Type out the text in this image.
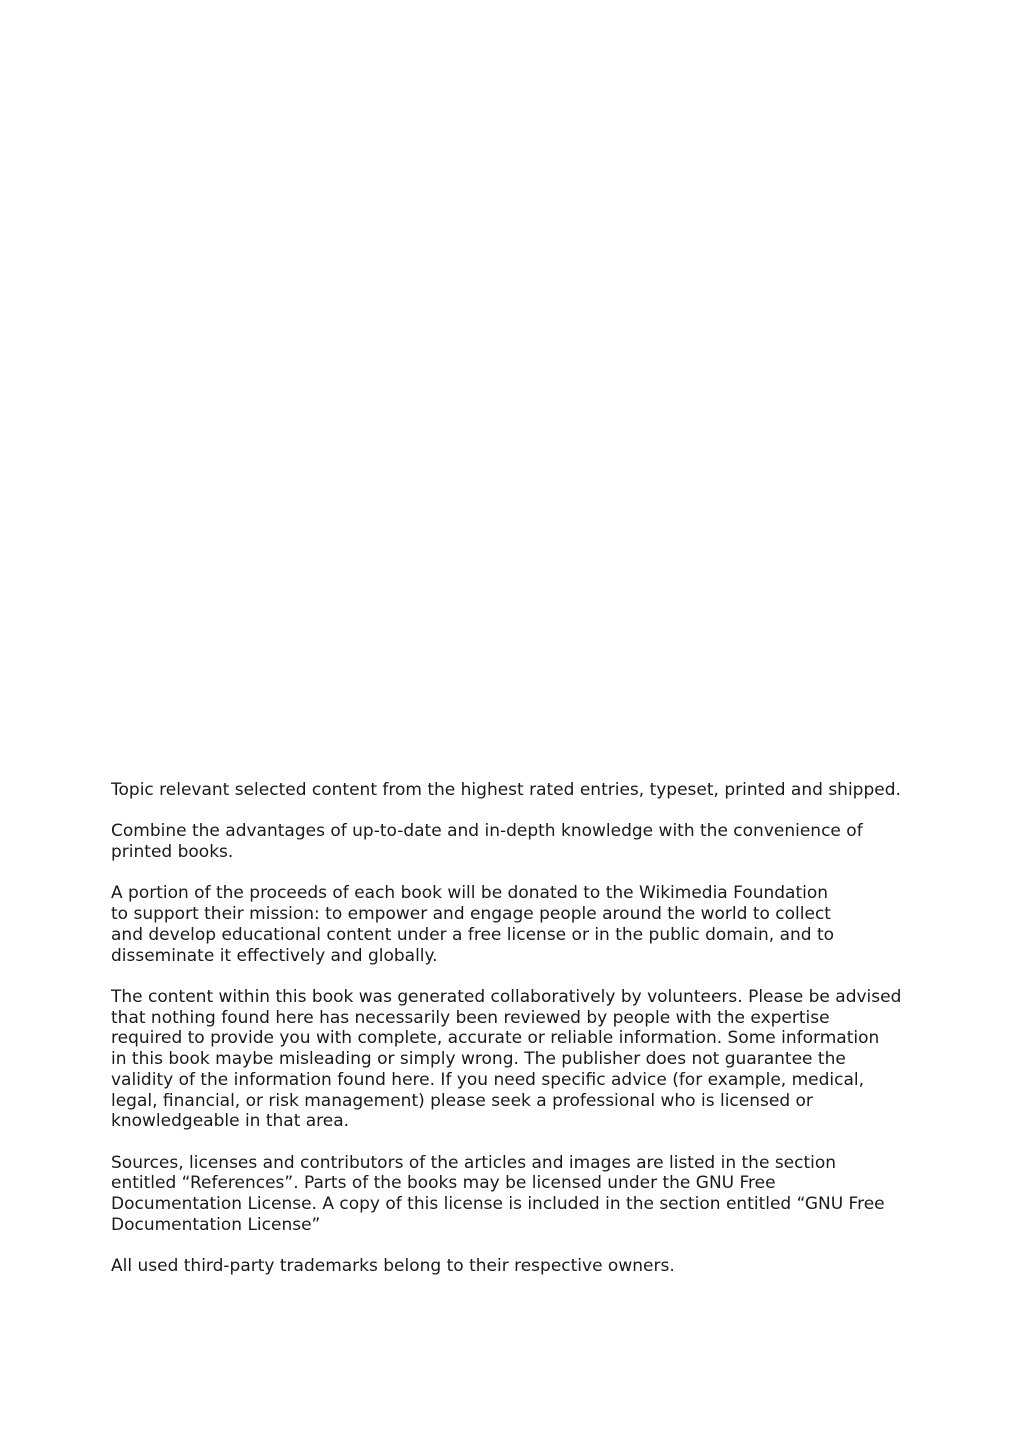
Topic relevant selected content from the highest rated entries, typeset, printed and shipped.

Combine the advantages of up-to-date and in-depth knowledge with the convenience of
printed books.

A portion of the proceeds of each book will be donated to the Wikimedia Foundation
to support their mission: to empower and engage people around the world to collect
and develop educational content under a free license or in the public domain, and to
disseminate it effectively and globally.

The content within this book was generated collaboratively by volunteers. Please be advised
that nothing found here has necessarily been reviewed by people with the expertise
required to provide you with complete, accurate or reliable information. Some information
in this book maybe misleading or simply wrong. The publisher does not guarantee the
validity of the information found here. If you need specific advice (for example, medical,
legal, financial, or risk management) please seek a professional who is licensed or
knowledgeable in that area.

Sources, licenses and contributors of the articles and images are listed in the section
entitled “References”. Parts of the books may be licensed under the GNU Free
Documentation License. A copy of this license is included in the section entitled “GNU Free
Documentation License”

All used third-party trademarks belong to their respective owners.
